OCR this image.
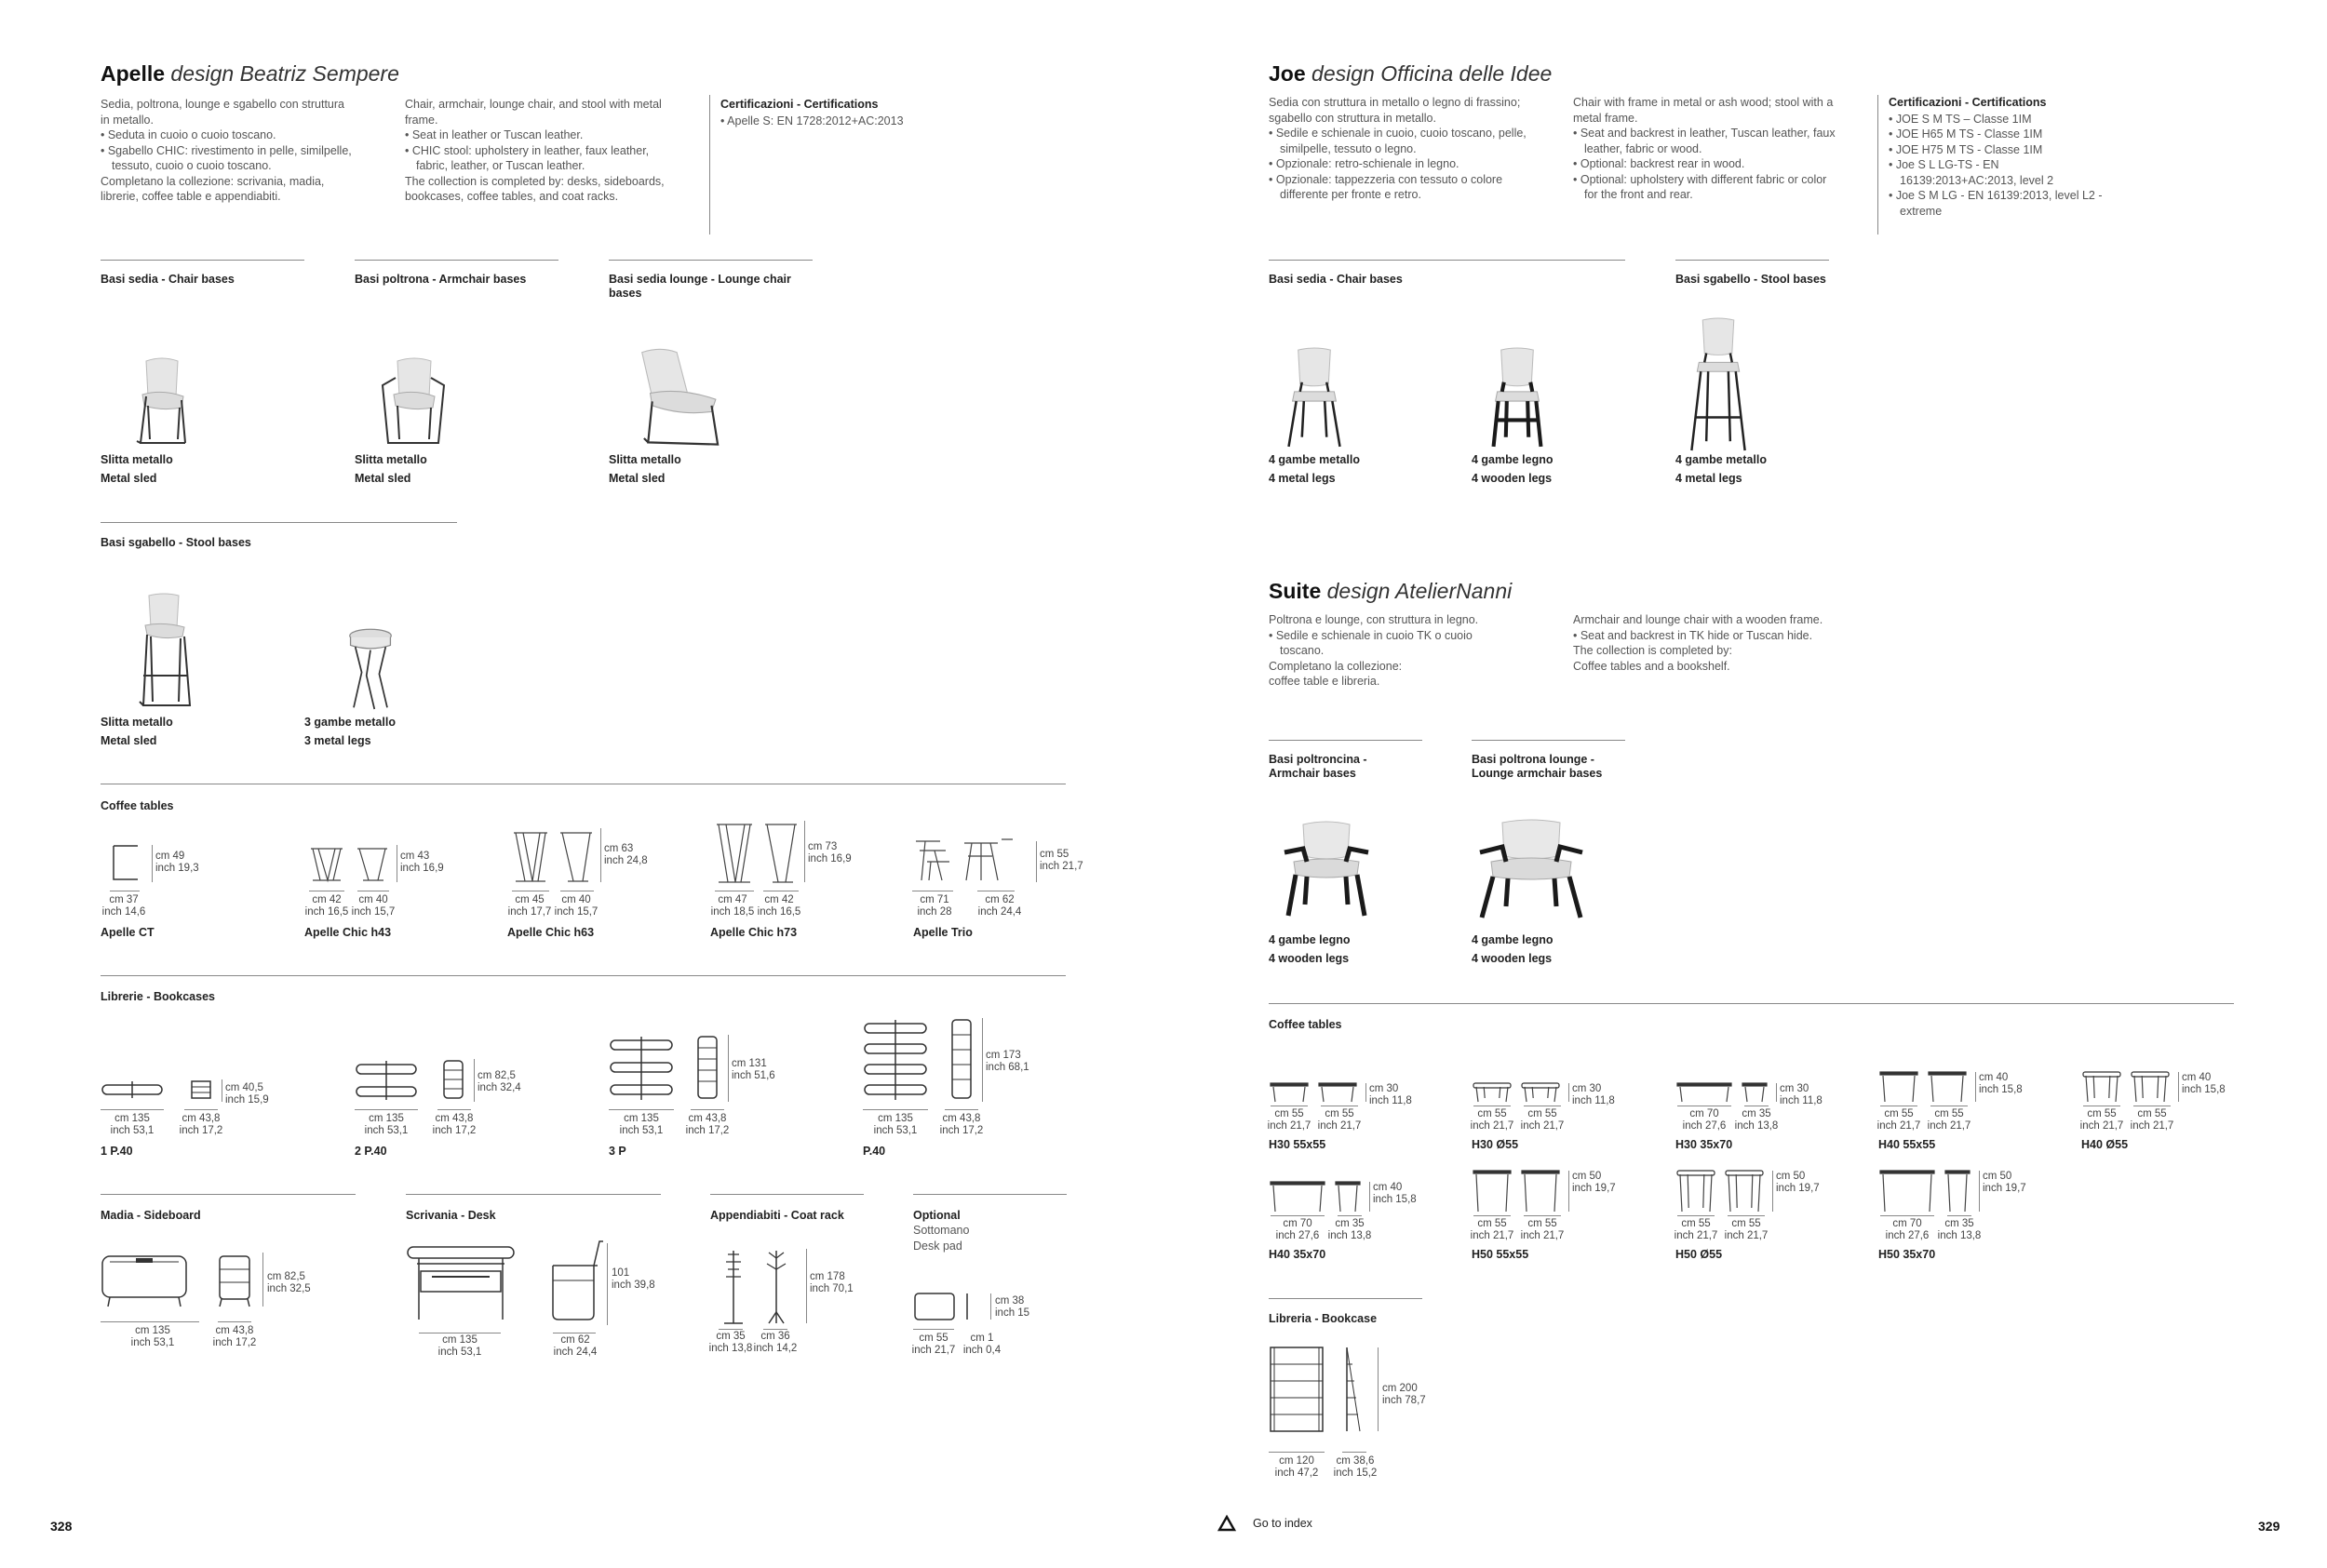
Apelle design Beatriz Sempere

Sedia, poltrona, lounge e sgabello con struttura in metallo.

• Seduta in cuoio o cuoio toscano.

• Sgabello CHIC: rivestimento in pelle, similpelle, tessuto, cuoio o cuoio toscano.

Completano la collezione: scrivania, madia, librerie, coffee table e appendiabiti.

Chair, armchair, lounge chair, and stool with metal frame.

• Seat in leather or Tuscan leather.

• CHIC stool: upholstery in leather, faux leather, fabric, leather, or Tuscan leather.

The collection is completed by: desks, sideboards, bookcases, coffee tables, and coat racks.

Certificazioni - Certifications

• Apelle S: EN 1728:2012+AC:2013

Basi sedia - Chair bases	Basi poltrona - Armchair bases	Basi sedia lounge - Lounge chair bases
Slitta metallo
Metal sled
Slitta metallo
Metal sled
Slitta metallo
Metal sled
Basi sgabello - Stool bases
Slitta metallo
Metal sled
3 gambe metallo
3 metal legs
Coffee tables
cm 49
inch 19,3
cm 37
inch 14,6
Apelle CT
cm 43
inch 16,9
cm 42
inch 16,5
cm 40
inch 15,7
Apelle Chic h43
cm 63
inch 24,8
cm 45
inch 17,7
cm 40
inch 15,7
Apelle Chic h63
cm 73
inch 16,9
cm 47
inch 18,5
cm 42
inch 16,5
Apelle Chic h73
cm 55
inch 21,7
cm 71
inch 28
cm 62
inch 24,4
Apelle Trio
Librerie - Bookcases
cm 40,5
inch 15,9
cm 135
inch 53,1
cm 43,8
inch 17,2
1 P.40
cm 82,5
inch 32,4
cm 135
inch 53,1
cm 43,8
inch 17,2
2 P.40
cm 131
inch 51,6
cm 135
inch 53,1
cm 43,8
inch 17,2
3 P
cm 173
inch 68,1
cm 135
inch 53,1
cm 43,8
inch 17,2
P.40
Madia - Sideboard
cm 82,5
inch 32,5
cm 135
inch 53,1
cm 43,8
inch 17,2
Scrivania - Desk
101
inch 39,8
cm 135
inch 53,1
cm 62
inch 24,4
Appendiabiti - Coat rack
cm 178
inch 70,1
cm 35
inch 13,8
cm 36
inch 14,2
Optional
Sottomano
Desk pad
cm 38
inch 15
cm 55
inch 21,7
cm 1
inch 0,4
Joe design Officina delle Idee

Sedia con struttura in metallo o legno di frassino; sgabello con struttura in metallo.

• Sedile e schienale in cuoio, cuoio toscano, pelle, similpelle, tessuto o legno.

• Opzionale: retro-schienale in legno.

• Opzionale: tappezzeria con tessuto o colore differente per fronte e retro.

Chair with frame in metal or ash wood; stool with a metal frame.

• Seat and backrest in leather, Tuscan leather, faux leather, fabric or wood.

• Optional: backrest rear in wood.

• Optional: upholstery with different fabric or color for the front and rear.

Certificazioni - Certifications

• JOE S M TS – Classe 1IM

• JOE H65 M TS - Classe 1IM

• JOE H75 M TS - Classe 1IM

• Joe S L LG-TS - EN 16139:2013+AC:2013, level 2

• Joe S M LG - EN 16139:2013, level L2 - extreme

Basi sedia - Chair bases	Basi sgabello - Stool bases
4 gambe metallo
4 metal legs
4 gambe legno
4 wooden legs
4 gambe metallo
4 metal legs
Suite design AtelierNanni

Poltrona e lounge, con struttura in legno.

• Sedile e schienale in cuoio TK o cuoio toscano.

Completano la collezione:

coffee table e libreria.

Armchair and lounge chair with a wooden frame.

• Seat and backrest in TK hide or Tuscan hide.

The collection is completed by:

Coffee tables and a bookshelf.

Basi poltroncina - Armchair bases
Basi poltrona lounge - Lounge armchair bases
4 gambe legno
4 wooden legs
4 gambe legno
4 wooden legs
Coffee tables
cm 30
inch 11,8
cm 55
inch 21,7
cm 55
inch 21,7
H30 55x55
cm 30
inch 11,8
cm 55
inch 21,7
cm 55
inch 21,7
H30 Ø55
cm 30
inch 11,8
cm 70
inch 27,6
cm 35
inch 13,8
H30 35x70
cm 40
inch 15,8
cm 55
inch 21,7
cm 55
inch 21,7
H40 55x55
cm 40
inch 15,8
cm 55
inch 21,7
cm 55
inch 21,7
H40 Ø55
cm 40
inch 15,8
cm 70
inch 27,6
cm 35
inch 13,8
H40 35x70
cm 50
inch 19,7
cm 55
inch 21,7
cm 55
inch 21,7
H50 55x55
cm 50
inch 19,7
cm 55
inch 21,7
cm 55
inch 21,7
H50 Ø55
cm 50
inch 19,7
cm 70
inch 27,6
cm 35
inch 13,8
H50 35x70
Libreria - Bookcase
cm 200
inch 78,7
cm 120
inch 47,2
cm 38,6
inch 15,2
328	329
Go to index
